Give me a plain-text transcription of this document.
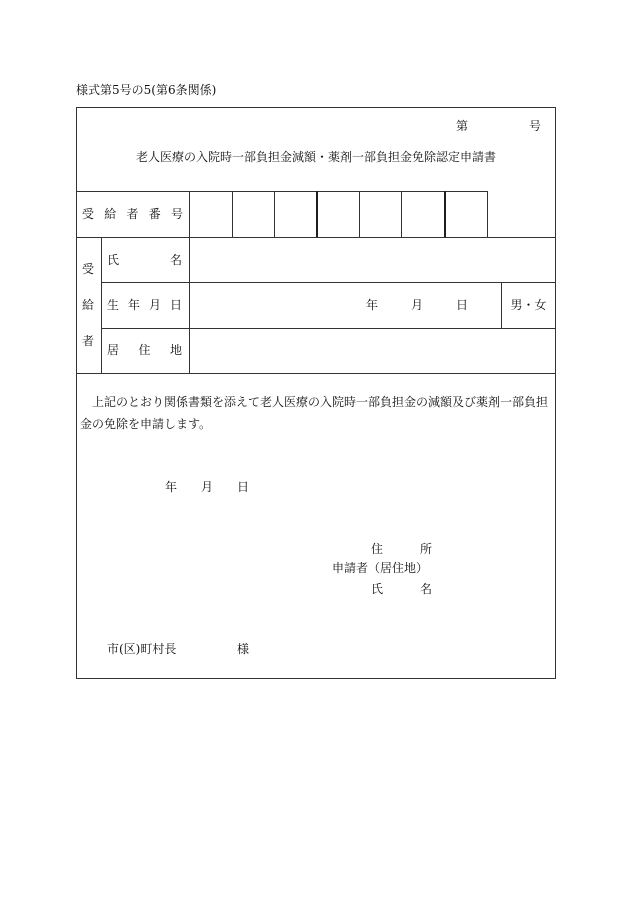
様式第5号の5(第6条関係)
第	号
老人医療の入院時一部負担金減額・薬剤一部負担金免除認定申請書
受給者番号
受給者
氏名
生年月日	年月日	男・女
居住地
上記のとおり関係書類を添えて老人医療の入院時一部負担金の減額及び薬剤一部負担
金の免除を申請します。
年月日
住所
申請者 （居住地）
氏名
市(区)町村長	様
